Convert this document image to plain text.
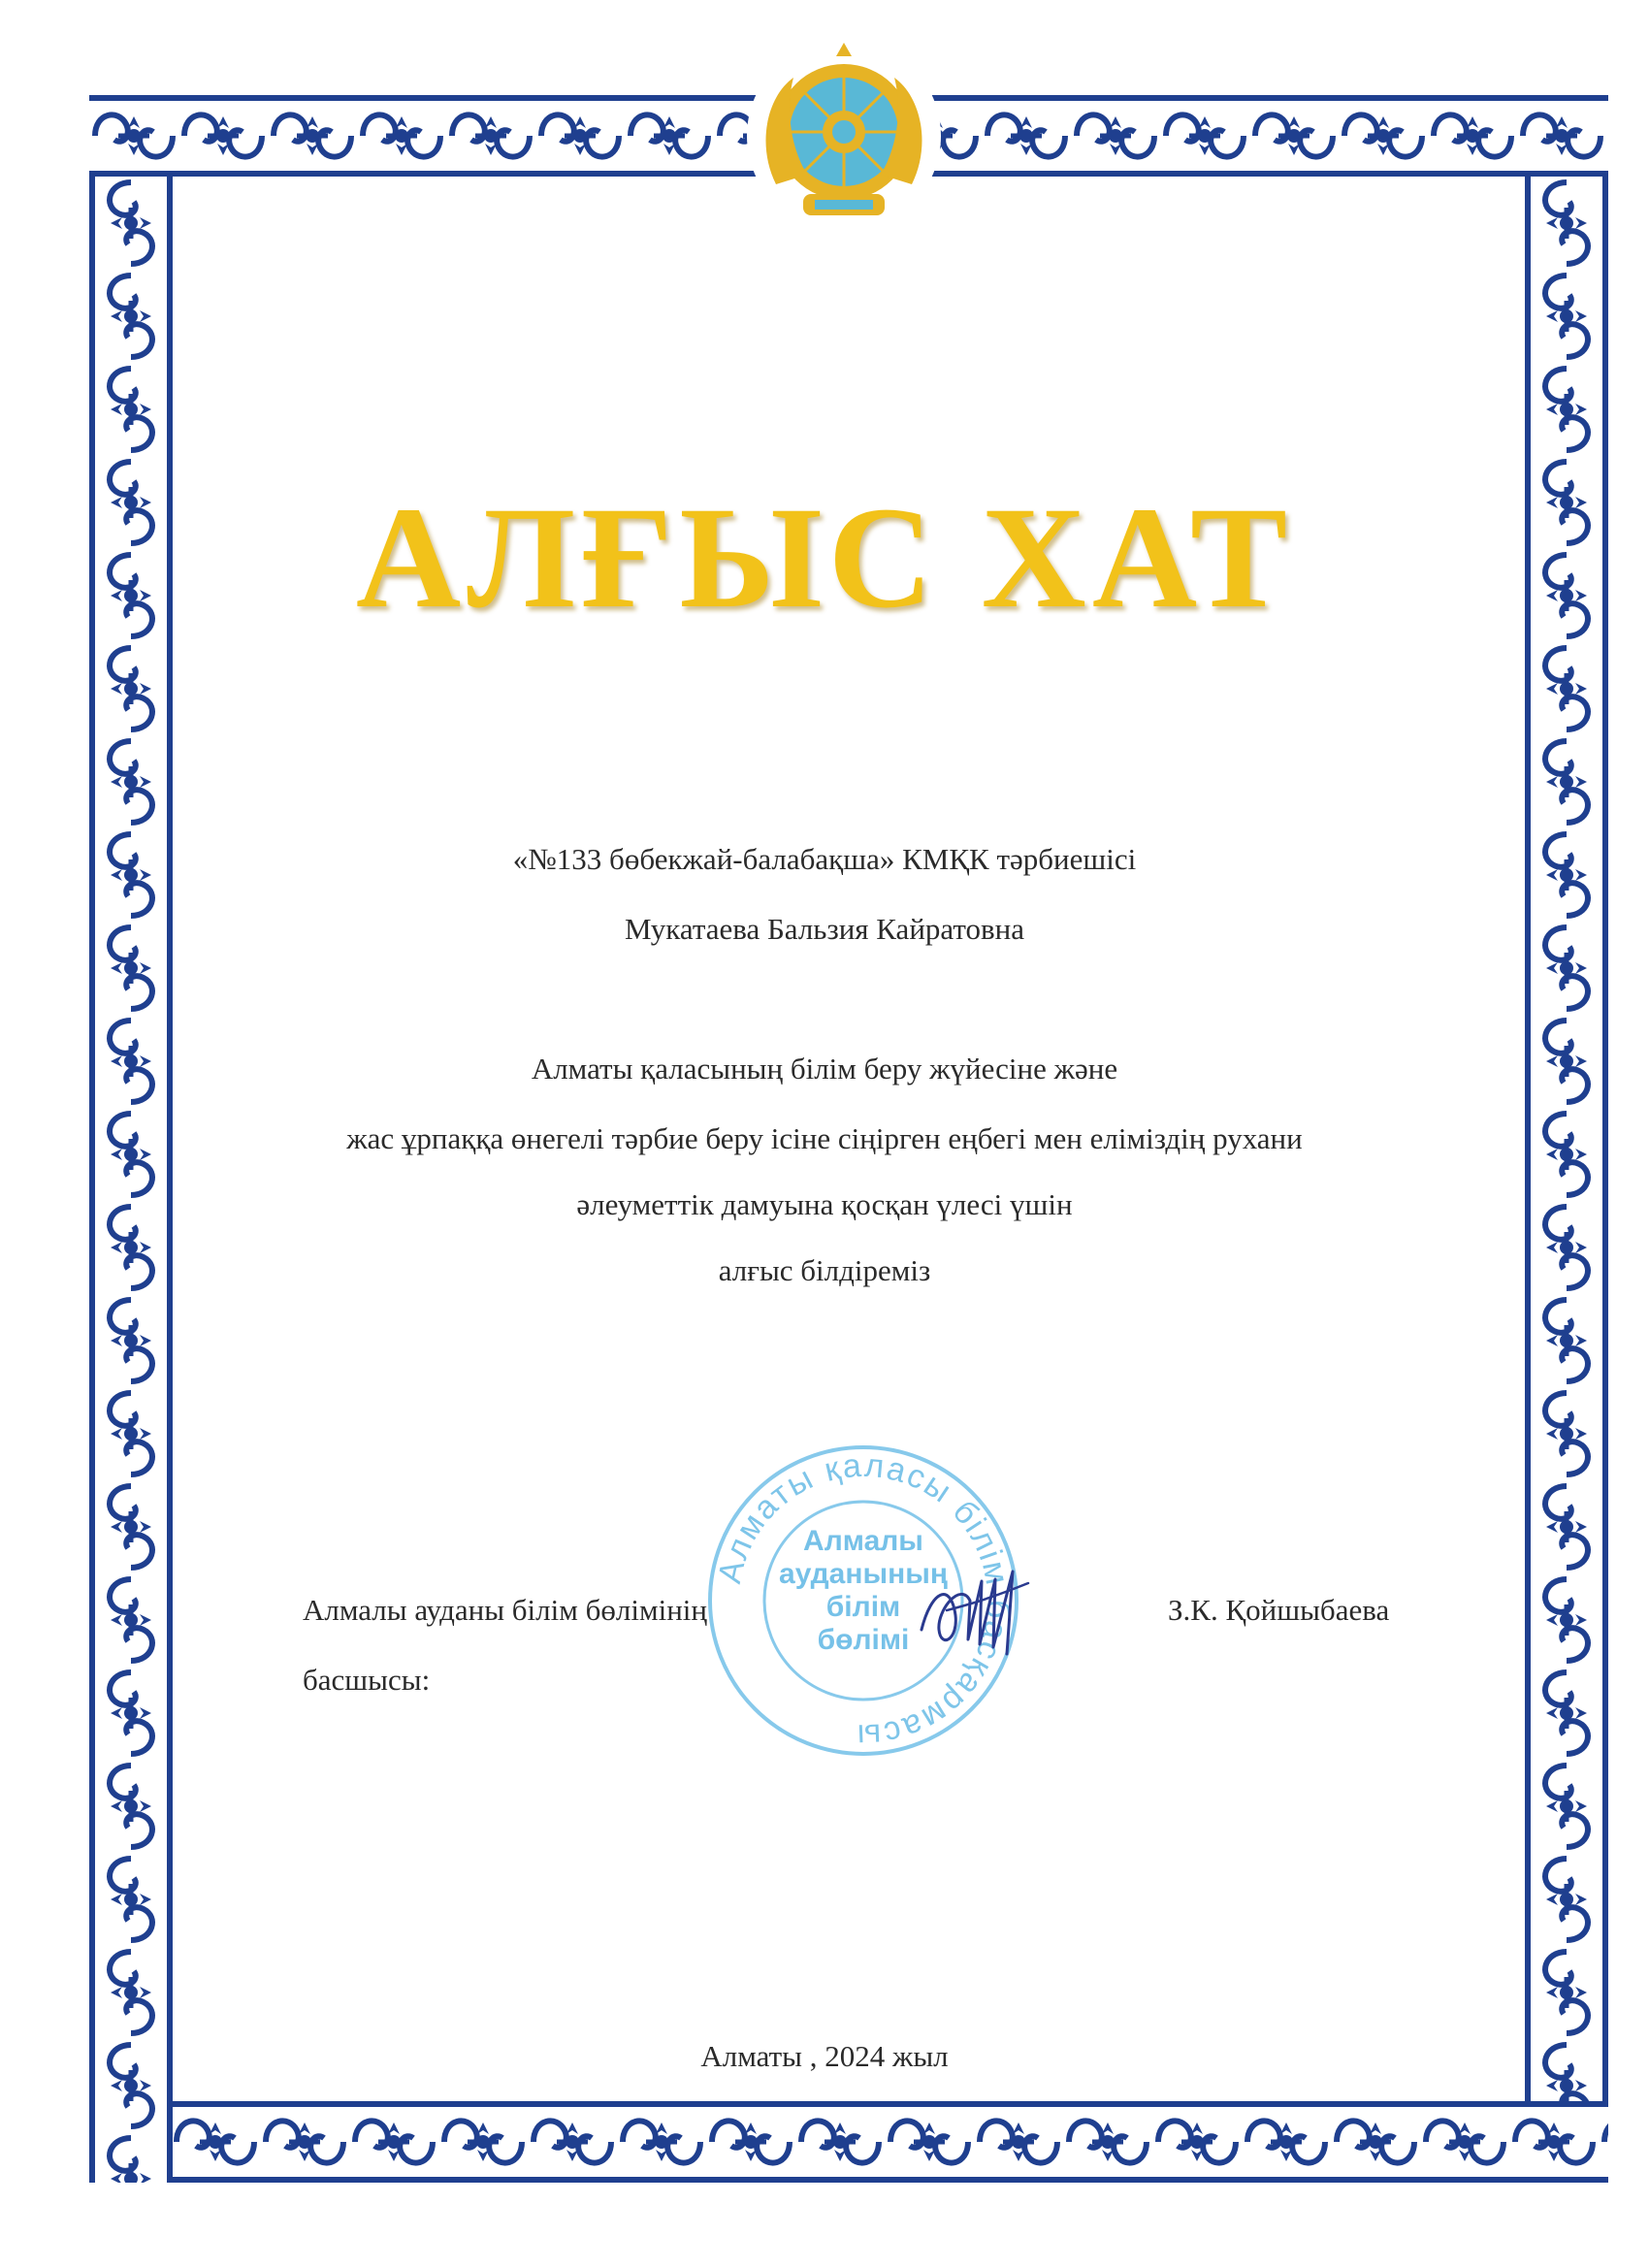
АЛҒЫС ХАТ
«№133 бөбекжай-балабақша» КМҚК тәрбиешісі
Мукатаева Бальзия Кайратовна
Алматы қаласының білім беру жүйесіне және
жас ұрпаққа өнегелі тәрбие беру ісіне сіңірген еңбегі мен еліміздің рухани
әлеуметтік дамуына қосқан үлесі үшін
алғыс білдіреміз
Алматы қаласы білім басқармасы
Алмалы
ауданының
білім
бөлімі
Алмалы ауданы білім бөлімінің
басшысы:
З.К. Қойшыбаева
Алматы , 2024 жыл
